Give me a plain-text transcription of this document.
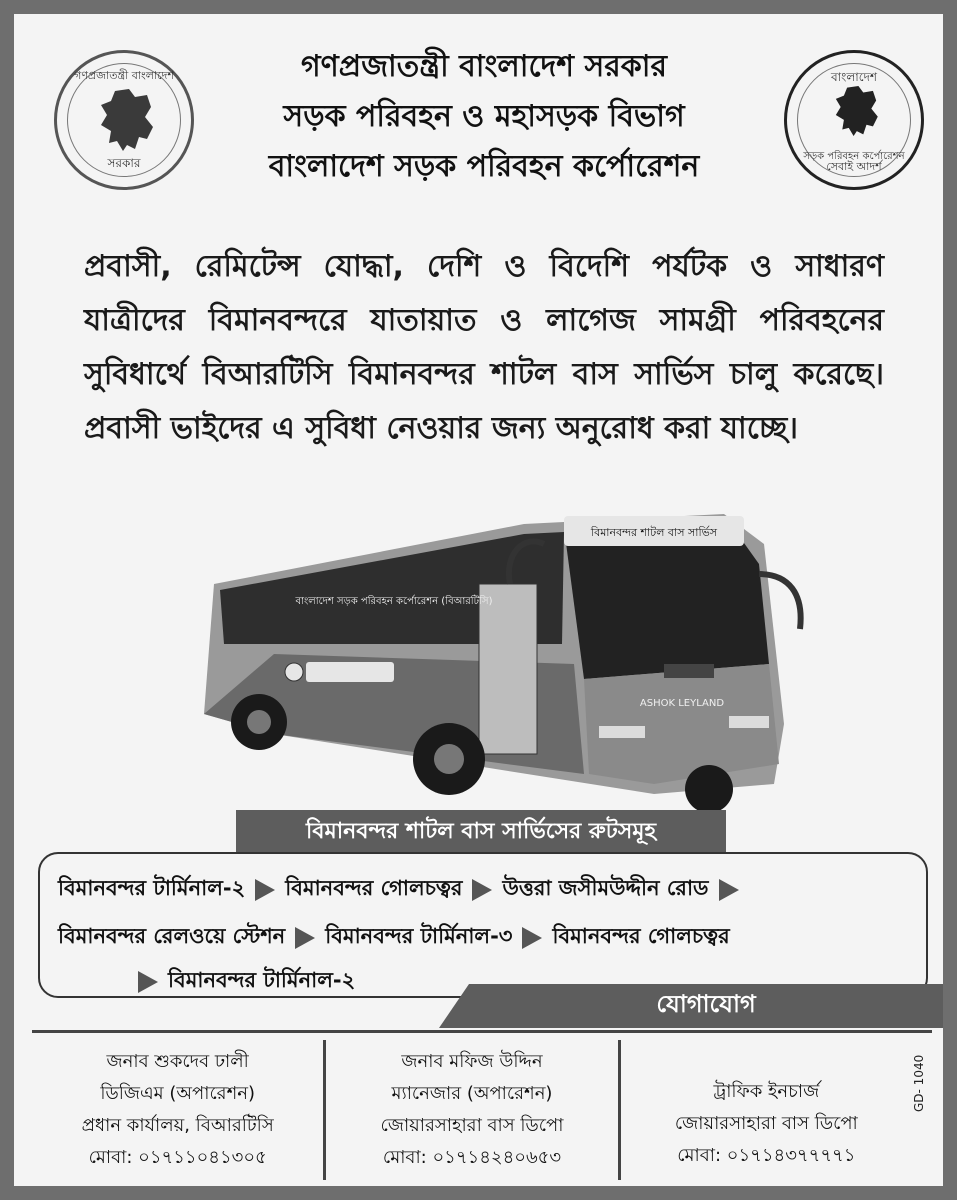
গণপ্রজাতন্ত্রী বাংলাদেশ
সরকার
গণপ্রজাতন্ত্রী বাংলাদেশ সরকার
সড়ক পরিবহন ও মহাসড়ক বিভাগ
বাংলাদেশ সড়ক পরিবহন কর্পোরেশন
বাংলাদেশ
সড়ক পরিবহন কর্পোরেশন
সেবাই আদর্শ
প্রবাসী, রেমিটেন্স যোদ্ধা, দেশি ও বিদেশি পর্যটক ও সাধারণ যাত্রীদের বিমানবন্দরে যাতায়াত ও লাগেজ সামগ্রী পরিবহনের সুবিধার্থে বিআরটিসি বিমানবন্দর শাটল বাস সার্ভিস চালু করেছে। প্রবাসী ভাইদের এ সুবিধা নেওয়ার জন্য অনুরোধ করা যাচ্ছে।
বিমানবন্দর শাটল বাস সার্ভিস
বাংলাদেশ সড়ক পরিবহন কর্পোরেশন (বিআরটিসি)
ASHOK LEYLAND
বিমানবন্দর শাটল বাস সার্ভিসের রুটসমূহ
বিমানবন্দর টার্মিনাল-২ বিমানবন্দর গোলচত্বর উত্তরা জসীমউদ্দীন রোড
বিমানবন্দর রেলওয়ে স্টেশন বিমানবন্দর টার্মিনাল-৩ বিমানবন্দর গোলচত্বর
বিমানবন্দর টার্মিনাল-২
যোগাযোগ
জনাব শুকদেব ঢালী
ডিজিএম (অপারেশন)
প্রধান কার্যালয়, বিআরটিসি
মোবা: ০১৭১১০৪১৩০৫
জনাব মফিজ উদ্দিন
ম্যানেজার (অপারেশন)
জোয়ারসাহারা বাস ডিপো
মোবা: ০১৭১৪২৪০৬৫৩
ট্রাফিক ইনচার্জ
জোয়ারসাহারা বাস ডিপো
মোবা: ০১৭১৪৩৭৭৭৭১
GD- 1040
